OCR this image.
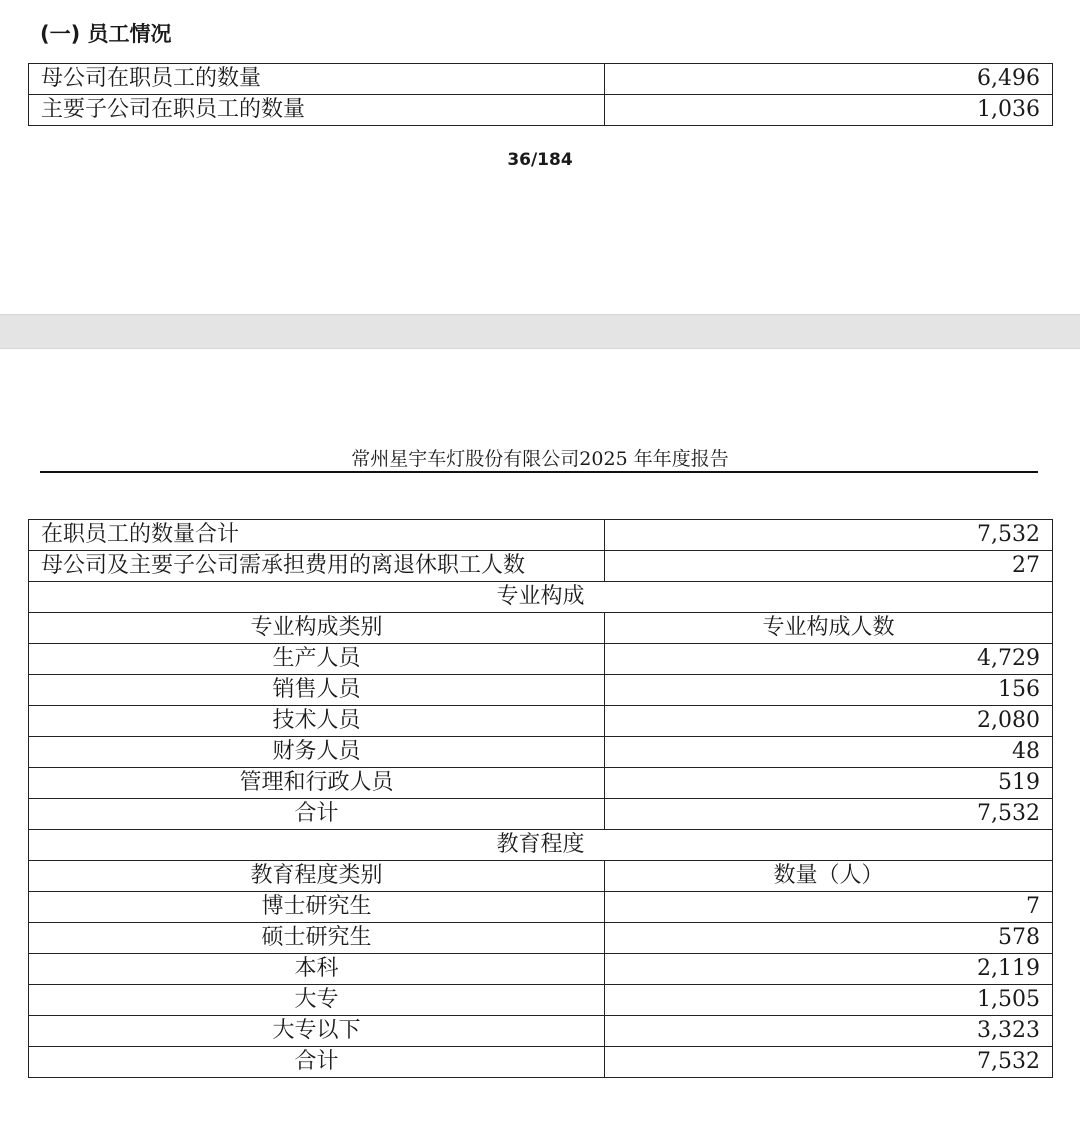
(一) 员工情况
母公司在职员工的数量	6,496
主要子公司在职员工的数量	1,036
36/184
常州星宇车灯股份有限公司2025 年年度报告
在职员工的数量合计	7,532
母公司及主要子公司需承担费用的离退休职工人数	27
专业构成	
专业构成类别	专业构成人数
生产人员	4,729
销售人员	156
技术人员	2,080
财务人员	48
管理和行政人员	519
合计	7,532
教育程度	
教育程度类别	数量（人）
博士研究生	7
硕士研究生	578
本科	2,119
大专	1,505
大专以下	3,323
合计	7,532
